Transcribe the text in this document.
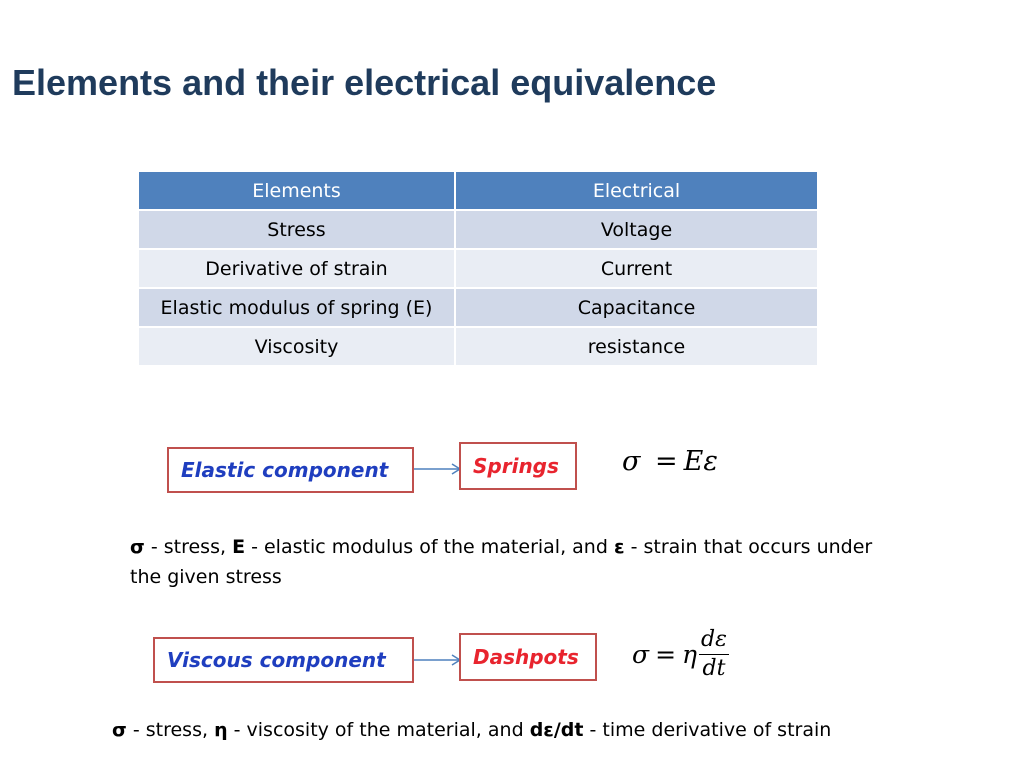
Elements and their electrical equivalence
Elements	Electrical
Stress	Voltage
Derivative of strain	Current
Elastic modulus of spring (E)	Capacitance
Viscosity	resistance
Elastic component	Springs	σ = Eε
σ - stress, E - elastic modulus of the material, and ε - strain that occurs under
the given stress
Viscous component	Dashpots	σ = η $\frac{d\varepsilon}{dt}$
σ - stress, η - viscosity of the material, and dε/dt - time derivative of strain
